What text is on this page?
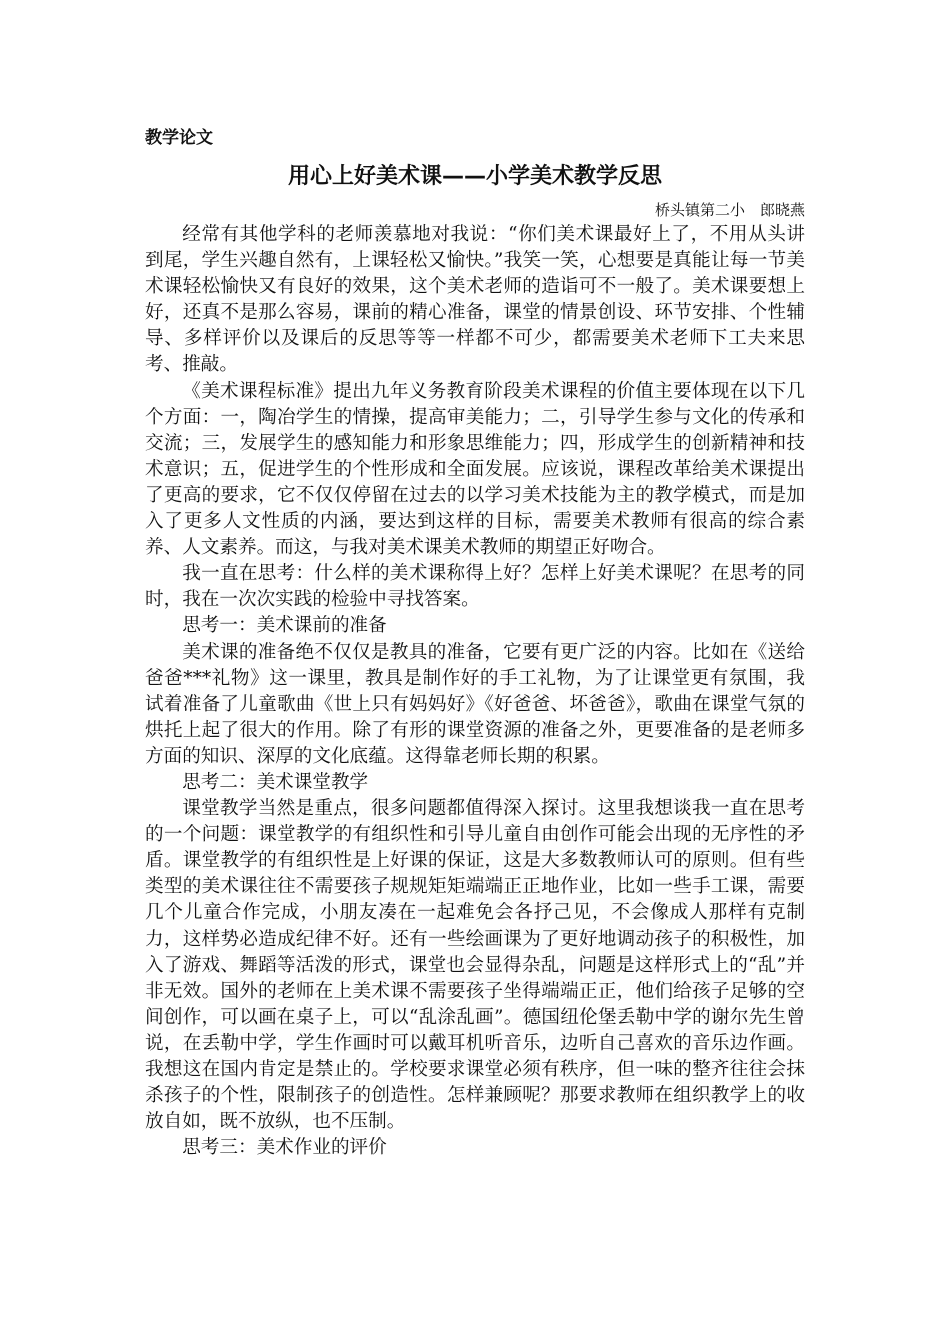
教学论文
用心上好美术课——小学美术教学反思
桥头镇第二小　郎晓燕

经常有其他学科的老师羡慕地对我说：“你们美术课最好上了，不用从头讲到尾，学生兴趣自然有，上课轻松又愉快。”我笑一笑，心想要是真能让每一节美术课轻松愉快又有良好的效果，这个美术老师的造诣可不一般了。美术课要想上好，还真不是那么容易，课前的精心准备，课堂的情景创设、环节安排、个性辅导、多样评价以及课后的反思等等一样都不可少，都需要美术老师下工夫来思考、推敲。

《美术课程标准》提出九年义务教育阶段美术课程的价值主要体现在以下几个方面：一，陶冶学生的情操，提高审美能力；二，引导学生参与文化的传承和交流；三，发展学生的感知能力和形象思维能力；四，形成学生的创新精神和技术意识；五，促进学生的个性形成和全面发展。应该说，课程改革给美术课提出了更高的要求，它不仅仅停留在过去的以学习美术技能为主的教学模式，而是加入了更多人文性质的内涵，要达到这样的目标，需要美术教师有很高的综合素养、人文素养。而这，与我对美术课美术教师的期望正好吻合。

我一直在思考：什么样的美术课称得上好？怎样上好美术课呢？在思考的同时，我在一次次实践的检验中寻找答案。

思考一：美术课前的准备

美术课的准备绝不仅仅是教具的准备，它要有更广泛的内容。比如在《送给爸爸***礼物》这一课里，教具是制作好的手工礼物，为了让课堂更有氛围，我试着准备了儿童歌曲《世上只有妈妈好》《好爸爸、坏爸爸》，歌曲在课堂气氛的烘托上起了很大的作用。除了有形的课堂资源的准备之外，更要准备的是老师多方面的知识、深厚的文化底蕴。这得靠老师长期的积累。

思考二：美术课堂教学

课堂教学当然是重点，很多问题都值得深入探讨。这里我想谈我一直在思考的一个问题：课堂教学的有组织性和引导儿童自由创作可能会出现的无序性的矛盾。课堂教学的有组织性是上好课的保证，这是大多数教师认可的原则。但有些类型的美术课往往不需要孩子规规矩矩端端正正地作业，比如一些手工课，需要几个儿童合作完成，小朋友凑在一起难免会各抒己见，不会像成人那样有克制力，这样势必造成纪律不好。还有一些绘画课为了更好地调动孩子的积极性，加入了游戏、舞蹈等活泼的形式，课堂也会显得杂乱，问题是这样形式上的“乱”并非无效。国外的老师在上美术课不需要孩子坐得端端正正，他们给孩子足够的空间创作，可以画在桌子上，可以“乱涂乱画”。德国纽伦堡丢勒中学的谢尔先生曾说，在丢勒中学，学生作画时可以戴耳机听音乐，边听自己喜欢的音乐边作画。我想这在国内肯定是禁止的。学校要求课堂必须有秩序，但一味的整齐往往会抹杀孩子的个性，限制孩子的创造性。怎样兼顾呢？那要求教师在组织教学上的收放自如，既不放纵，也不压制。

思考三：美术作业的评价
